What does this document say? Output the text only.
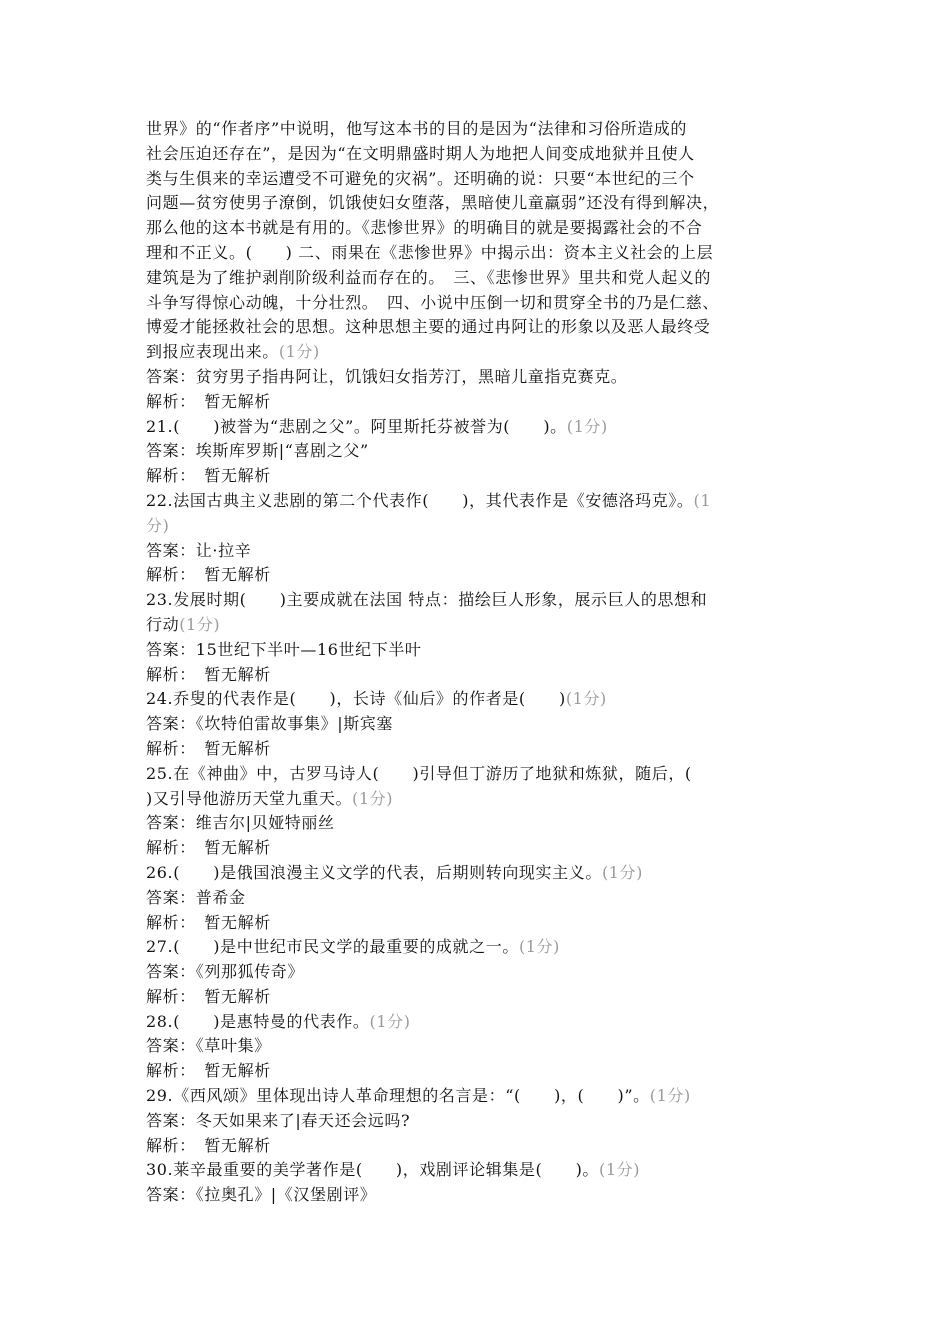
世界》的“作者序”中说明，他写这本书的目的是因为“法律和习俗所造成的
社会压迫还存在”，是因为“在文明鼎盛时期人为地把人间变成地狱并且使人
类与生俱来的幸运遭受不可避免的灾祸”。还明确的说：只要“本世纪的三个
问题—贫穷使男子潦倒，饥饿使妇女堕落，黑暗使儿童羸弱”还没有得到解决，
那么他的这本书就是有用的。《悲惨世界》的明确目的就是要揭露社会的不合
理和不正义。(　　) 二、雨果在《悲惨世界》中揭示出：资本主义社会的上层
建筑是为了维护剥削阶级利益而存在的。　三、《悲惨世界》里共和党人起义的
斗争写得惊心动魄，十分壮烈。　四、小说中压倒一切和贯穿全书的乃是仁慈、
博爱才能拯救社会的思想。这种思想主要的通过冉阿让的形象以及恶人最终受
到报应表现出来。(1分)
答案：贫穷男子指冉阿让，饥饿妇女指芳汀，黑暗儿童指克赛克。
解析：　暂无解析
21.(　　)被誉为“悲剧之父”。阿里斯托芬被誉为(　　)。(1分)
答案：埃斯库罗斯|“喜剧之父”
解析：　暂无解析
22.法国古典主义悲剧的第二个代表作(　　)，其代表作是《安德洛玛克》。(1
分)
答案：让·拉辛
解析：　暂无解析
23.发展时期(　　)主要成就在法国 特点：描绘巨人形象，展示巨人的思想和
行动(1分)
答案：15世纪下半叶—16世纪下半叶
解析：　暂无解析
24.乔叟的代表作是(　　)，长诗《仙后》的作者是(　　)(1分)
答案：《坎特伯雷故事集》|斯宾塞
解析：　暂无解析
25.在《神曲》中，古罗马诗人(　　)引导但丁游历了地狱和炼狱，随后，(
)又引导他游历天堂九重天。(1分)
答案：维吉尔|贝娅特丽丝
解析：　暂无解析
26.(　　)是俄国浪漫主义文学的代表，后期则转向现实主义。(1分)
答案：普希金
解析：　暂无解析
27.(　　)是中世纪市民文学的最重要的成就之一。(1分)
答案：《列那狐传奇》
解析：　暂无解析
28.(　　)是惠特曼的代表作。(1分)
答案：《草叶集》
解析：　暂无解析
29.《西风颂》里体现出诗人革命理想的名言是：“(　　)，(　　)”。(1分)
答案：冬天如果来了|春天还会远吗?
解析：　暂无解析
30.莱辛最重要的美学著作是(　　)，戏剧评论辑集是(　　)。(1分)
答案：《拉奥孔》|《汉堡剧评》
